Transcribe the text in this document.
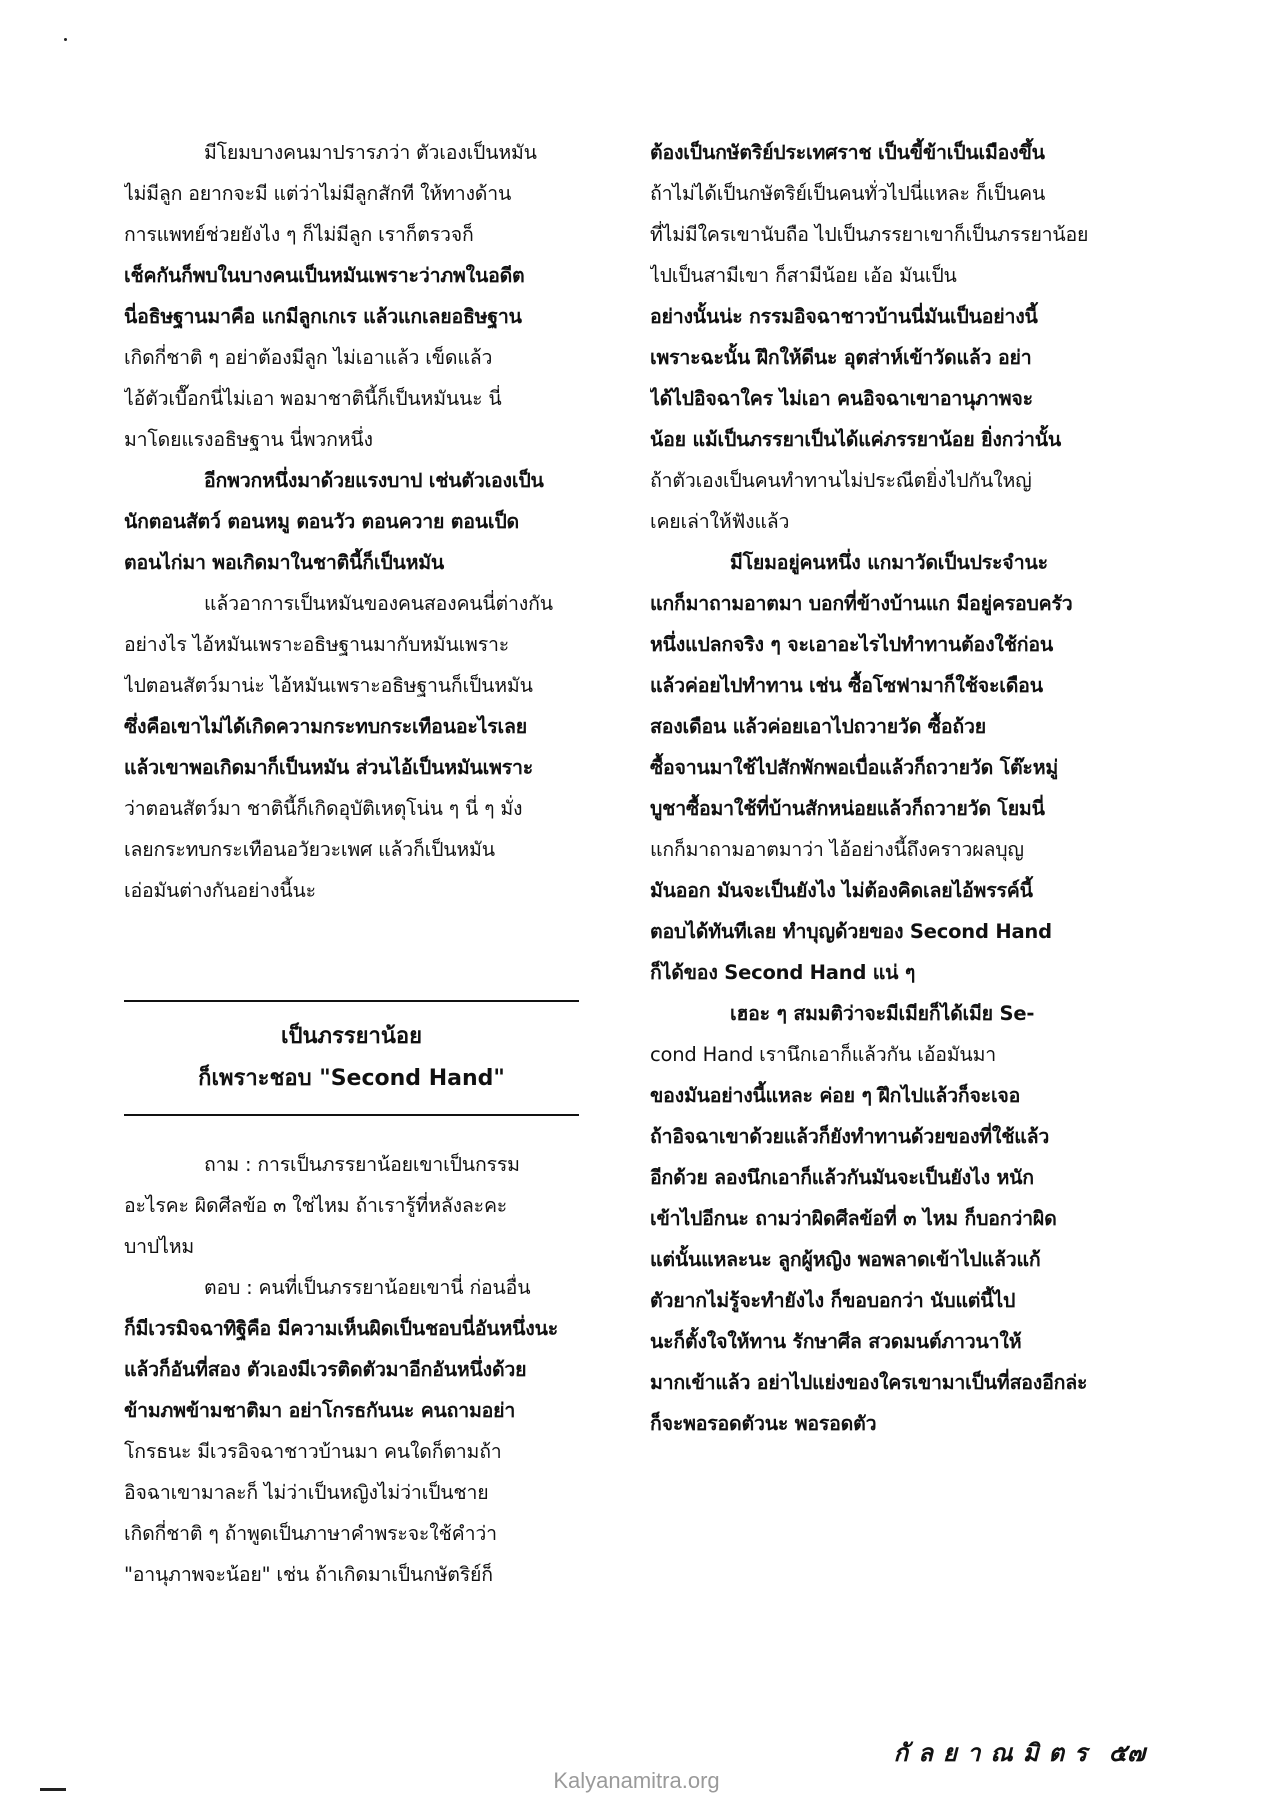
มีโยมบางคนมาปรารภว่า ตัวเองเป็นหมัน
ไม่มีลูก อยากจะมี แต่ว่าไม่มีลูกสักที ให้ทางด้าน
การแพทย์ช่วยยังไง ๆ ก็ไม่มีลูก เราก็ตรวจก็
เช็คกันก็พบในบางคนเป็นหมันเพราะว่าภพในอดีต
นี่อธิษฐานมาคือ แกมีลูกเกเร แล้วแกเลยอธิษฐาน
เกิดกี่ชาติ ๆ อย่าต้องมีลูก ไม่เอาแล้ว เข็ดแล้ว
ไอ้ตัวเบื๊อกนี่ไม่เอา พอมาชาตินี้ก็เป็นหมันนะ นี่
มาโดยแรงอธิษฐาน นี่พวกหนึ่ง
อีกพวกหนึ่งมาด้วยแรงบาป เช่นตัวเองเป็น
นักตอนสัตว์ ตอนหมู ตอนวัว ตอนควาย ตอนเป็ด
ตอนไก่มา พอเกิดมาในชาตินี้ก็เป็นหมัน
แล้วอาการเป็นหมันของคนสองคนนี่ต่างกัน
อย่างไร ไอ้หมันเพราะอธิษฐานมากับหมันเพราะ
ไปตอนสัตว์มาน่ะ ไอ้หมันเพราะอธิษฐานก็เป็นหมัน
ซึ่งคือเขาไม่ได้เกิดความกระทบกระเทือนอะไรเลย
แล้วเขาพอเกิดมาก็เป็นหมัน ส่วนไอ้เป็นหมันเพราะ
ว่าตอนสัตว์มา ชาตินี้ก็เกิดอุบัติเหตุโน่น ๆ นี่ ๆ มั่ง
เลยกระทบกระเทือนอวัยวะเพศ แล้วก็เป็นหมัน
เอ่อมันต่างกันอย่างนี้นะ
เป็นภรรยาน้อย
ก็เพราะชอบ "Second Hand"
ถาม : การเป็นภรรยาน้อยเขาเป็นกรรม
อะไรคะ ผิดศีลข้อ ๓ ใช่ไหม ถ้าเรารู้ที่หลังละคะ
บาปไหม
ตอบ : คนที่เป็นภรรยาน้อยเขานี่ ก่อนอื่น
ก็มีเวรมิจฉาทิฐิคือ มีความเห็นผิดเป็นชอบนี่อันหนึ่งนะ
แล้วก็อันที่สอง ตัวเองมีเวรติดตัวมาอีกอันหนึ่งด้วย
ข้ามภพข้ามชาติมา อย่าโกรธกันนะ คนถามอย่า
โกรธนะ มีเวรอิจฉาชาวบ้านมา คนใดก็ตามถ้า
อิจฉาเขามาละก็ ไม่ว่าเป็นหญิงไม่ว่าเป็นชาย
เกิดกี่ชาติ ๆ ถ้าพูดเป็นภาษาคำพระจะใช้คำว่า
"อานุภาพจะน้อย" เช่น ถ้าเกิดมาเป็นกษัตริย์ก็
ต้องเป็นกษัตริย์ประเทศราช เป็นขี้ข้าเป็นเมืองขึ้น
ถ้าไม่ได้เป็นกษัตริย์เป็นคนทั่วไปนี่แหละ ก็เป็นคน
ที่ไม่มีใครเขานับถือ ไปเป็นภรรยาเขาก็เป็นภรรยาน้อย
ไปเป็นสามีเขา ก็สามีน้อย เอ้อ มันเป็น
อย่างนั้นน่ะ กรรมอิจฉาชาวบ้านนี่มันเป็นอย่างนี้
เพราะฉะนั้น ฝึกให้ดีนะ อุตส่าห์เข้าวัดแล้ว อย่า
ได้ไปอิจฉาใคร ไม่เอา คนอิจฉาเขาอานุภาพจะ
น้อย แม้เป็นภรรยาเป็นได้แค่ภรรยาน้อย ยิ่งกว่านั้น
ถ้าตัวเองเป็นคนทำทานไม่ประณีตยิ่งไปกันใหญ่
เคยเล่าให้ฟังแล้ว
มีโยมอยู่คนหนึ่ง แกมาวัดเป็นประจำนะ
แกก็มาถามอาตมา บอกที่ข้างบ้านแก มีอยู่ครอบครัว
หนึ่งแปลกจริง ๆ จะเอาอะไรไปทำทานต้องใช้ก่อน
แล้วค่อยไปทำทาน เช่น ซื้อโซฟามาก็ใช้จะเดือน
สองเดือน แล้วค่อยเอาไปถวายวัด ซื้อถ้วย
ซื้อจานมาใช้ไปสักพักพอเบื่อแล้วก็ถวายวัด โต๊ะหมู่
บูชาซื้อมาใช้ที่บ้านสักหน่อยแล้วก็ถวายวัด โยมนี่
แกก็มาถามอาตมาว่า ไอ้อย่างนี้ถึงคราวผลบุญ
มันออก มันจะเป็นยังไง ไม่ต้องคิดเลยไอ้พรรค์นี้
ตอบได้ทันทีเลย ทำบุญด้วยของ Second Hand
ก็ได้ของ Second Hand แน่ ๆ
เฮอะ ๆ สมมติว่าจะมีเมียก็ได้เมีย Se-
cond Hand เรานึกเอาก็แล้วกัน เอ้อมันมา
ของมันอย่างนี้แหละ ค่อย ๆ ฝึกไปแล้วก็จะเจอ
ถ้าอิจฉาเขาด้วยแล้วก็ยังทำทานด้วยของที่ใช้แล้ว
อีกด้วย ลองนึกเอาก็แล้วกันมันจะเป็นยังไง หนัก
เข้าไปอีกนะ ถามว่าผิดศีลข้อที่ ๓ ไหม ก็บอกว่าผิด
แต่นั้นแหละนะ ลูกผู้หญิง พอพลาดเข้าไปแล้วแก้
ตัวยากไม่รู้จะทำยังไง ก็ขอบอกว่า นับแต่นี้ไป
นะก็ตั้งใจให้ทาน รักษาศีล สวดมนต์ภาวนาให้
มากเข้าแล้ว อย่าไปแย่งของใครเขามาเป็นที่สองอีกล่ะ
ก็จะพอรอดตัวนะ พอรอดตัว
กัลยาณมิตร ๕๗
Kalyanamitra.org
